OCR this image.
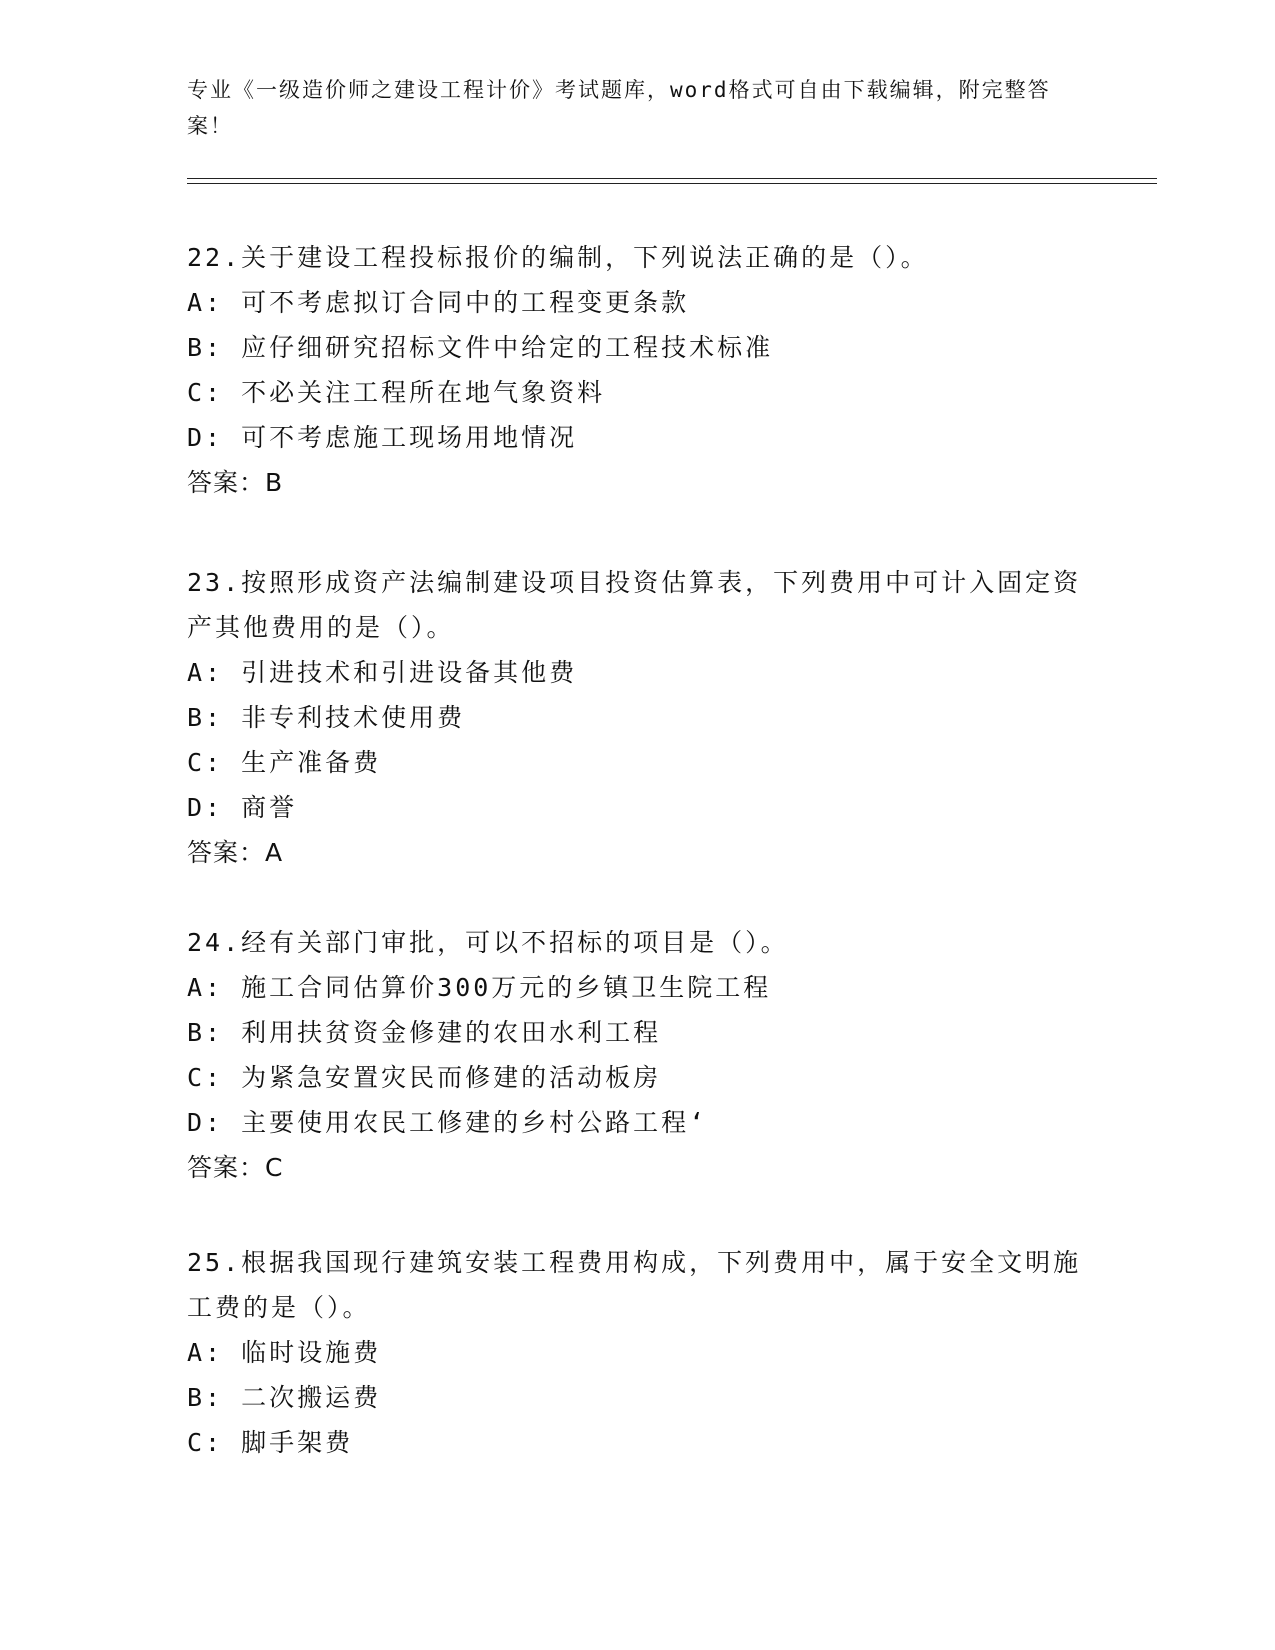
专业《一级造价师之建设工程计价》考试题库，word格式可自由下载编辑，附完整答案！

22.关于建设工程投标报价的编制，下列说法正确的是（）。

A: 可不考虑拟订合同中的工程变更条款

B: 应仔细研究招标文件中给定的工程技术标准

C: 不必关注工程所在地气象资料

D: 可不考虑施工现场用地情况

答案：B

23.按照形成资产法编制建设项目投资估算表，下列费用中可计入固定资产其他费用的是（）。

A: 引进技术和引进设备其他费

B: 非专利技术使用费

C: 生产准备费

D: 商誉

答案：A

24.经有关部门审批，可以不招标的项目是（）。

A: 施工合同估算价300万元的乡镇卫生院工程

B: 利用扶贫资金修建的农田水利工程

C: 为紧急安置灾民而修建的活动板房

D: 主要使用农民工修建的乡村公路工程‘

答案：C

25.根据我国现行建筑安装工程费用构成，下列费用中，属于安全文明施工费的是（）。

A: 临时设施费

B: 二次搬运费

C: 脚手架费
